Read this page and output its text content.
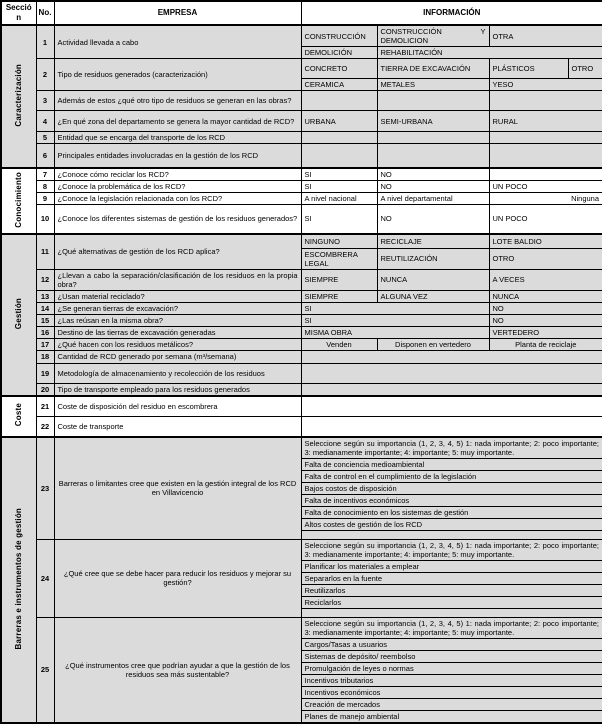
Sección	No.	EMPRESA	INFORMACIÓN			
Caracterización	1	Actividad llevada a cabo	CONSTRUCCIÓN	CONSTRUCCIÓN Y DEMOLICION	OTRA	
			DEMOLICIÓN	REHABILITACIÓN		
	2	Tipo de residuos generados (caracterización)	CONCRETO	TIERRA DE EXCAVACIÓN	PLÁSTICOS	OTRO
			CERAMICA	METALES	YESO	
	3	Además de estos ¿qué otro tipo de residuos se generan en las obras?				
	4	¿En qué zona del departamento se genera la mayor cantidad de RCD?	URBANA	SEMI-URBANA	RURAL	
	5	Entidad que se encarga del transporte de los RCD				
	6	Principales entidades involucradas en la gestión de los RCD				
Conocimiento	7	¿Conoce cómo reciclar los RCD?	SI	NO		
	8	¿Conoce la problemática de los RCD?	SI	NO	UN POCO	
	9	¿Conoce la legislación relacionada con los RCD?	A nivel nacional	A nivel departamental	Ninguna	
	10	¿Conoce los diferentes sistemas de gestión de los residuos generados?	SI	NO	UN POCO	
Gestión	11	¿Qué alternativas de gestión de los RCD aplica?	NINGUNO	RECICLAJE	LOTE BALDIO	
			ESCOMBRERA LEGAL	REUTILIZACIÓN	OTRO	
	12	¿Llevan a cabo la separación/clasificación de los residuos en la propia obra?	SIEMPRE	NUNCA	A VECES	
	13	¿Usan material reciclado?	SIEMPRE	ALGUNA VEZ	NUNCA	
	14	¿Se generan tierras de excavación?	SI		NO	
	15	¿Las reúsan en la misma obra?	SI		NO	
	16	Destino de las tierras de excavación generadas	MISMA OBRA		VERTEDERO	
	17	¿Qué hacen con los residuos metálicos?	Venden	Disponen en vertedero	Planta de reciclaje	
	18	Cantidad de RCD generado por semana (m³/semana)				
	19	Metodología de almacenamiento y recolección de los residuos				
	20	Tipo de transporte empleado para los residuos generados				
Coste	21	Coste de disposición del residuo en escombrera				
	22	Coste de transporte				
Barreras e instrumentos de gestión	23	Barreras o limitantes cree que existen en la gestión integral de los RCD en Villavicencio	Seleccione según su importancia (1, 2, 3, 4, 5) 1: nada importante; 2: poco importante; 3: medianamente importante; 4: importante; 5: muy importante.			
			Falta de conciencia medioambiental			
			Falta de control en el cumplimiento de la legislación			
			Bajos costos de disposición			
			Falta de incentivos económicos			
			Falta de conocimiento en los sistemas de gestión			
			Altos costes de gestión de los RCD			

	24	¿Qué cree que se debe hacer para reducir los residuos y mejorar su gestión?	Seleccione según su importancia (1, 2, 3, 4, 5) 1: nada importante; 2: poco importante; 3: medianamente importante; 4: importante; 5: muy importante.			
			Planificar los materiales a emplear			
			Separarlos en la fuente			
			Reutilizarlos			
			Reciclarlos			

	25	¿Qué instrumentos cree que podrían ayudar a que la gestión de los residuos sea más sustentable?	Seleccione según su importancia (1, 2, 3, 4, 5) 1: nada importante; 2: poco importante; 3: medianamente importante; 4: importante; 5: muy importante.			
			Cargos/Tasas a usuarios			
			Sistemas de depósito/ reembolso			
			Promulgación de leyes o normas			
			Incentivos tributarios			
			Incentivos económicos			
			Creación de mercados			
			Planes de manejo ambiental			
